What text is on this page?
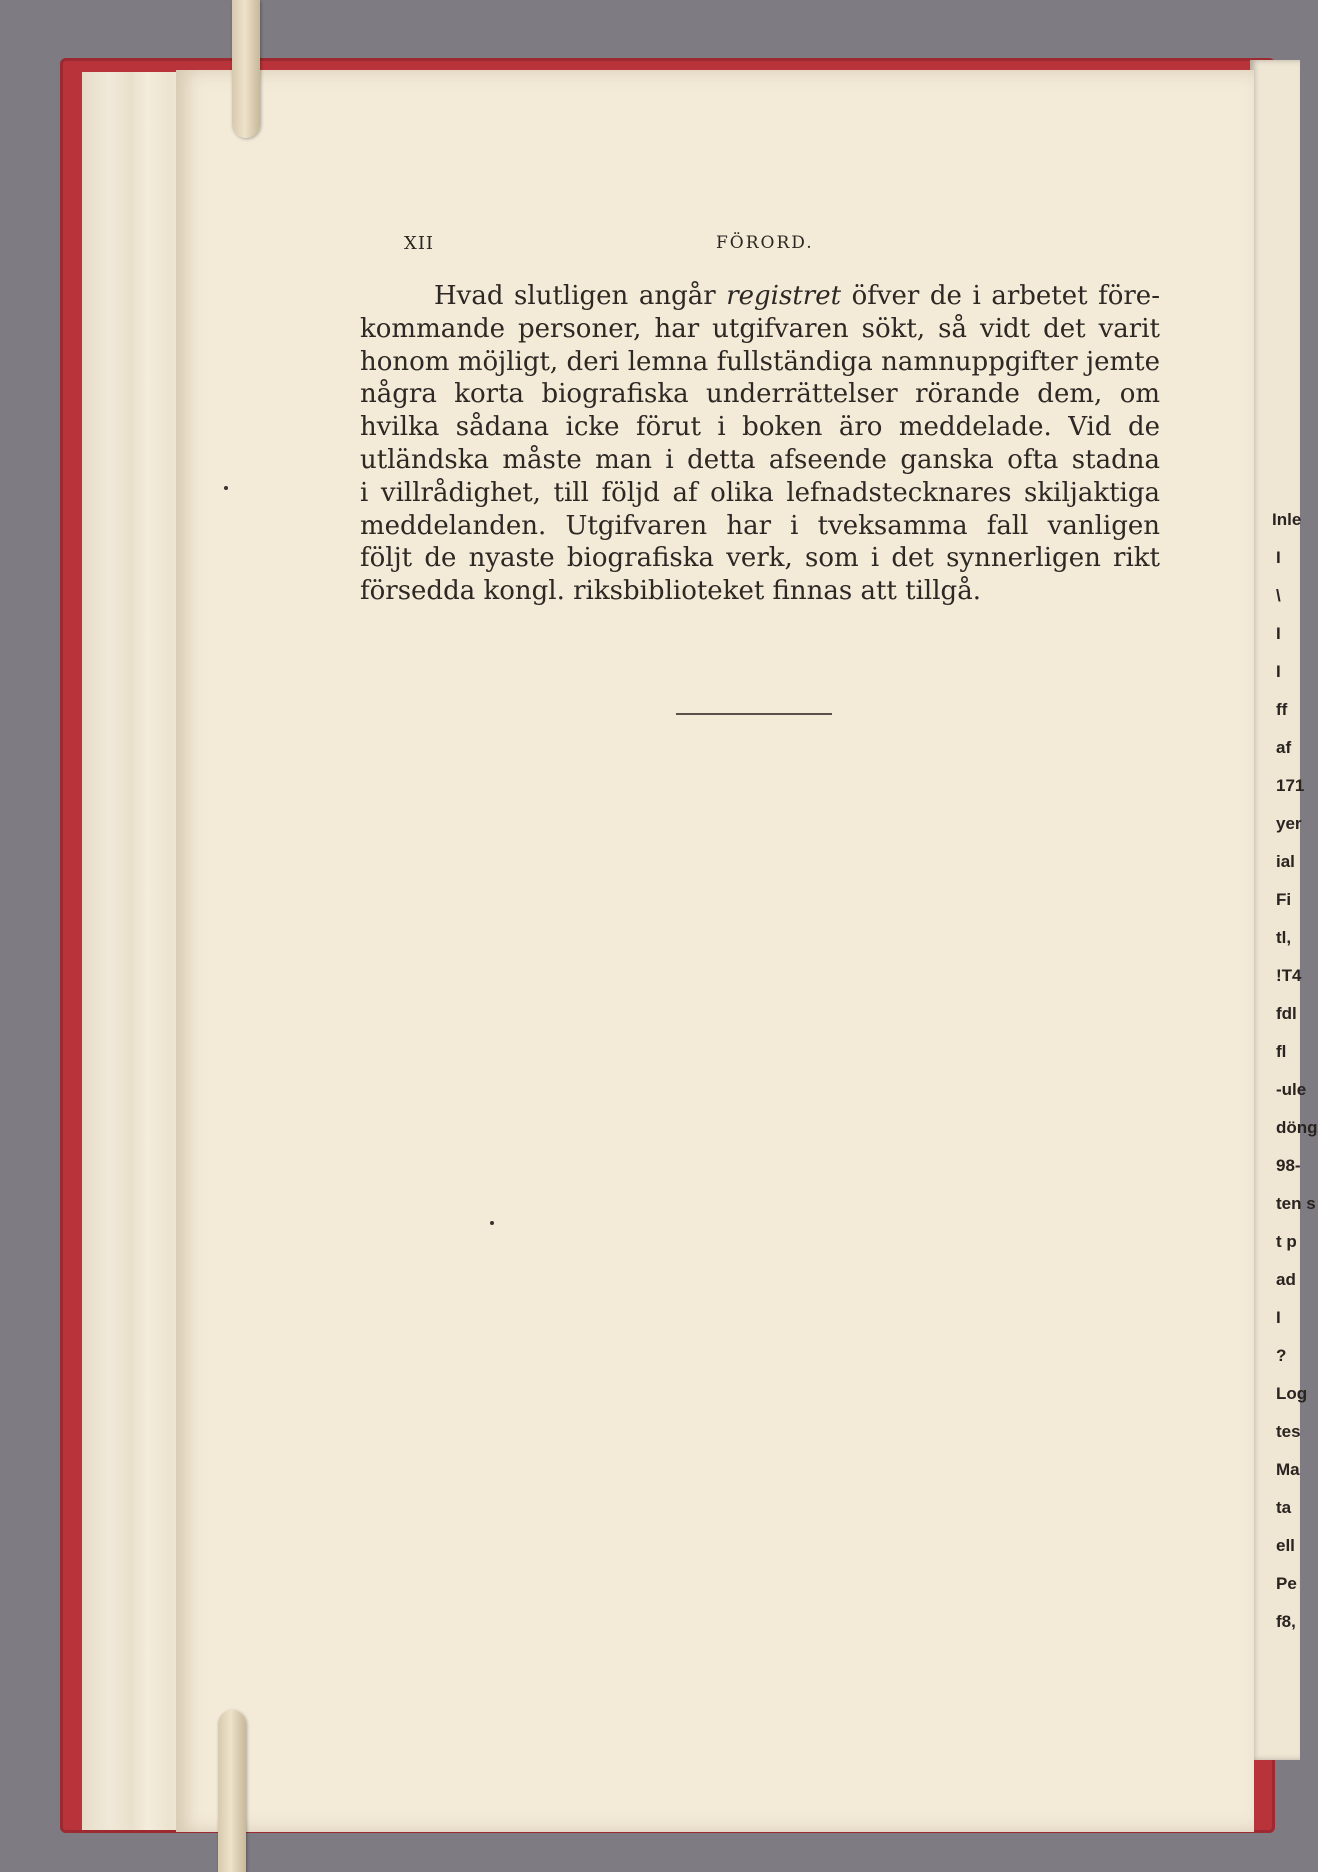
Inle
I
\
I
I
ff
af
171
yer
ial
Fi
tl,
!T4
fdl
fl
-ule
döng
98-
ten s
t p
ad
I
?
Log
tes
Ma
ta
ell
Pe
f8,
XII	FÖRORD.
Hvad slutligen angår registret öfver de i arbetet före-
kommande personer, har utgifvaren sökt, så vidt det varit
honom möjligt, deri lemna fullständiga namnuppgifter jemte
några korta biografiska underrättelser rörande dem, om
hvilka sådana icke förut i boken äro meddelade. Vid de
utländska måste man i detta afseende ganska ofta stadna
i villrådighet, till följd af olika lefnadstecknares skiljaktiga
meddelanden. Utgifvaren har i tveksamma fall vanligen
följt de nyaste biografiska verk, som i det synnerligen rikt
försedda kongl. riksbiblioteket finnas att tillgå.
